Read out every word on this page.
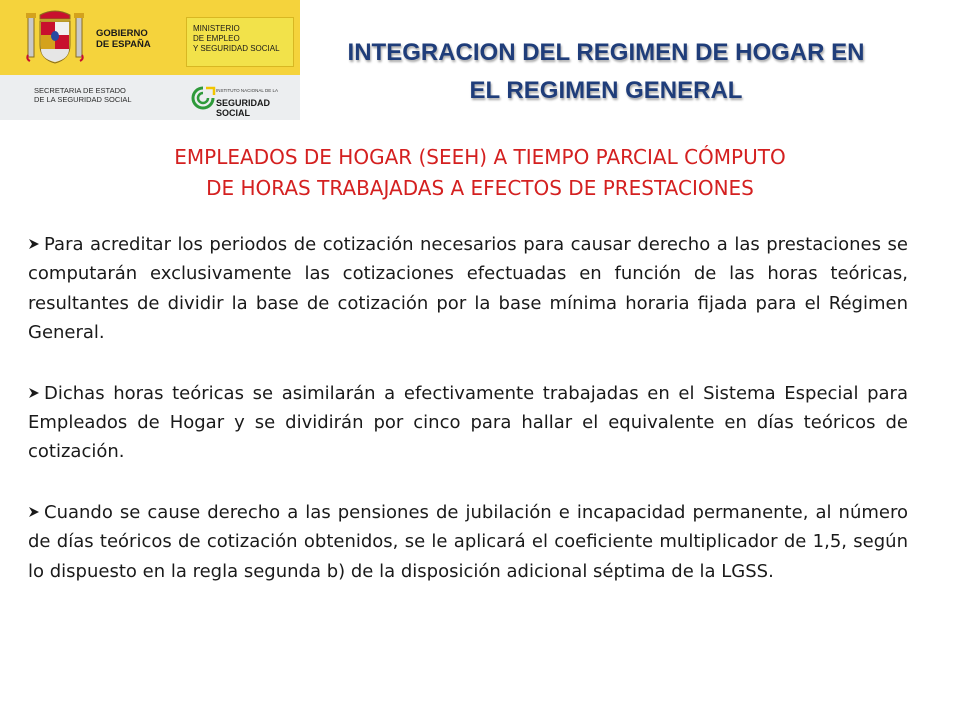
GOBIERNO
DE ESPAÑA
MINISTERIO
DE EMPLEO
Y SEGURIDAD SOCIAL
SECRETARIA DE ESTADO
DE LA SEGURIDAD SOCIAL
INSTITUTO NACIONAL DE LA
SEGURIDAD SOCIAL
INTEGRACION DEL REGIMEN DE HOGAR EN
EL REGIMEN GENERAL
EMPLEADOS DE HOGAR (SEEH) A TIEMPO PARCIAL CÓMPUTO
DE HORAS TRABAJADAS A EFECTOS DE PRESTACIONES

Para acreditar los periodos de cotización necesarios para causar derecho a las prestaciones se computarán exclusivamente las cotizaciones efectuadas en función de las horas teóricas, resultantes de dividir la base de cotización por la base mínima horaria fijada para el Régimen General.

Dichas horas teóricas se asimilarán a efectivamente trabajadas en el Sistema Especial para Empleados de Hogar y se dividirán por cinco para hallar el equivalente en días teóricos de cotización.

Cuando se cause derecho a las pensiones de jubilación e incapacidad permanente, al número de días teóricos de cotización obtenidos, se le aplicará el coeficiente multiplicador de 1,5, según lo dispuesto en la regla segunda b) de la disposición adicional séptima de la LGSS.
